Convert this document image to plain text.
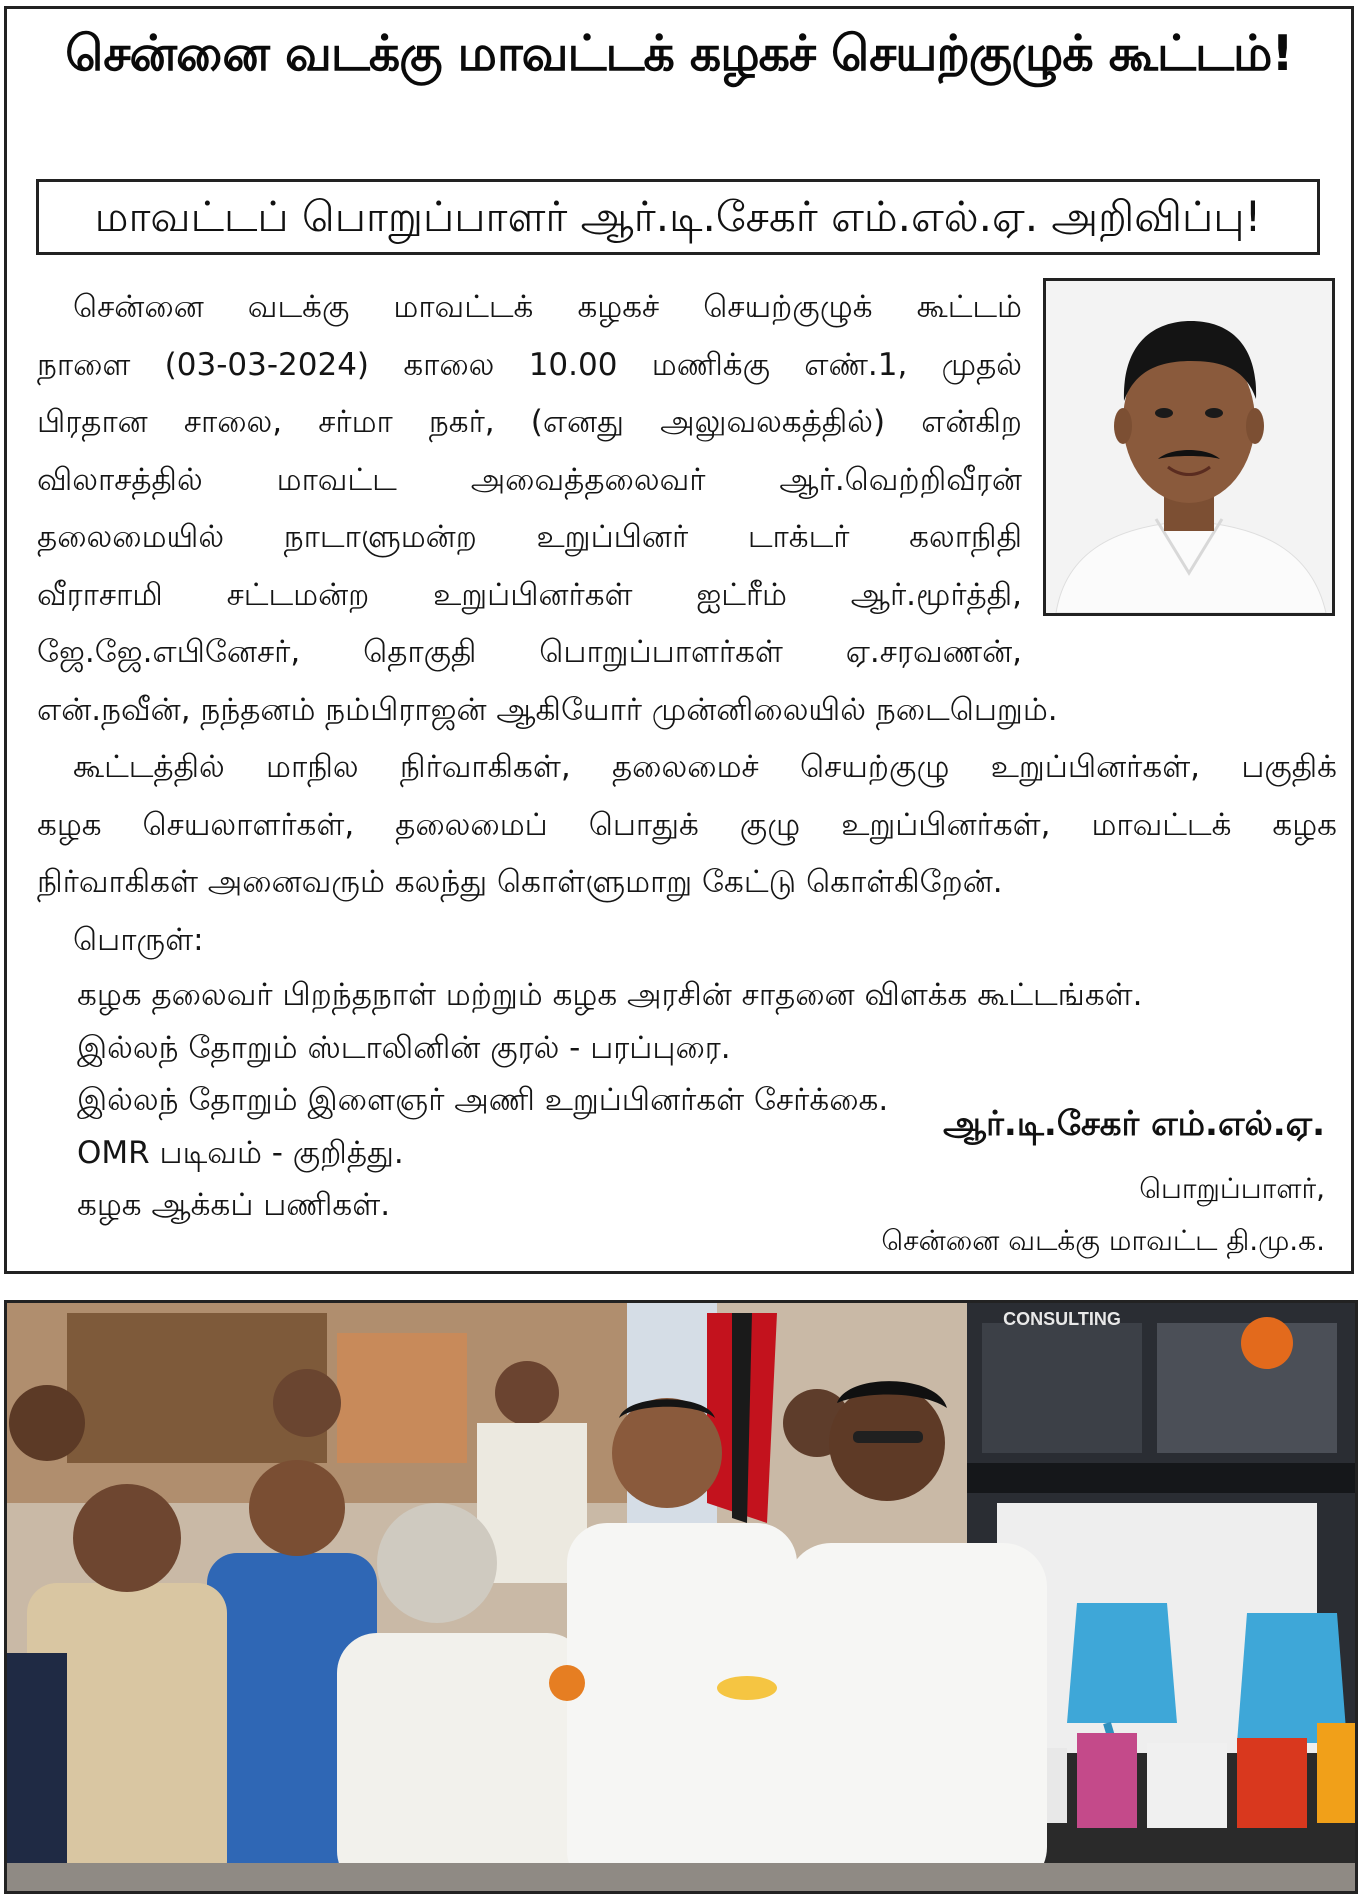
சென்னை வடக்கு மாவட்டக் கழகச் செயற்குழுக் கூட்டம்!
மாவட்டப் பொறுப்பாளர் ஆர்.டி.சேகர் எம்.எல்.ஏ. அறிவிப்பு!
சென்னை வடக்கு மாவட்டக் கழகச் செயற்குழுக் கூட்டம்
நாளை (03-03-2024) காலை 10.00 மணிக்கு எண்.1, முதல்
பிரதான சாலை, சர்மா நகர், (எனது அலுவலகத்தில்) என்கிற
விலாசத்தில் மாவட்ட அவைத்தலைவர் ஆர்.வெற்றிவீரன்
தலைமையில் நாடாளுமன்ற உறுப்பினர் டாக்டர் கலாநிதி
வீராசாமி சட்டமன்ற உறுப்பினர்கள் ஐட்ரீம் ஆர்.மூர்த்தி,
ஜே.ஜே.எபினேசர், தொகுதி பொறுப்பாளர்கள் ஏ.சரவணன்,
என்.நவீன், நந்தனம் நம்பிராஜன் ஆகியோர் முன்னிலையில் நடைபெறும்.
கூட்டத்தில் மாநில நிர்வாகிகள், தலைமைச் செயற்குழு உறுப்பினர்கள், பகுதிக்
கழக செயலாளர்கள், தலைமைப் பொதுக் குழு உறுப்பினர்கள், மாவட்டக் கழக
நிர்வாகிகள் அனைவரும் கலந்து கொள்ளுமாறு கேட்டு கொள்கிறேன்.
பொருள்:
கழக தலைவர் பிறந்தநாள் மற்றும் கழக அரசின் சாதனை விளக்க கூட்டங்கள்.
இல்லந் தோறும் ஸ்டாலினின் குரல் - பரப்புரை.
இல்லந் தோறும் இளைஞர் அணி உறுப்பினர்கள் சேர்க்கை.
OMR படிவம் - குறித்து.
கழக ஆக்கப் பணிகள்.
ஆர்.டி.சேகர் எம்.எல்.ஏ.
பொறுப்பாளர்,
சென்னை வடக்கு மாவட்ட தி.மு.க.
CONSULTING
